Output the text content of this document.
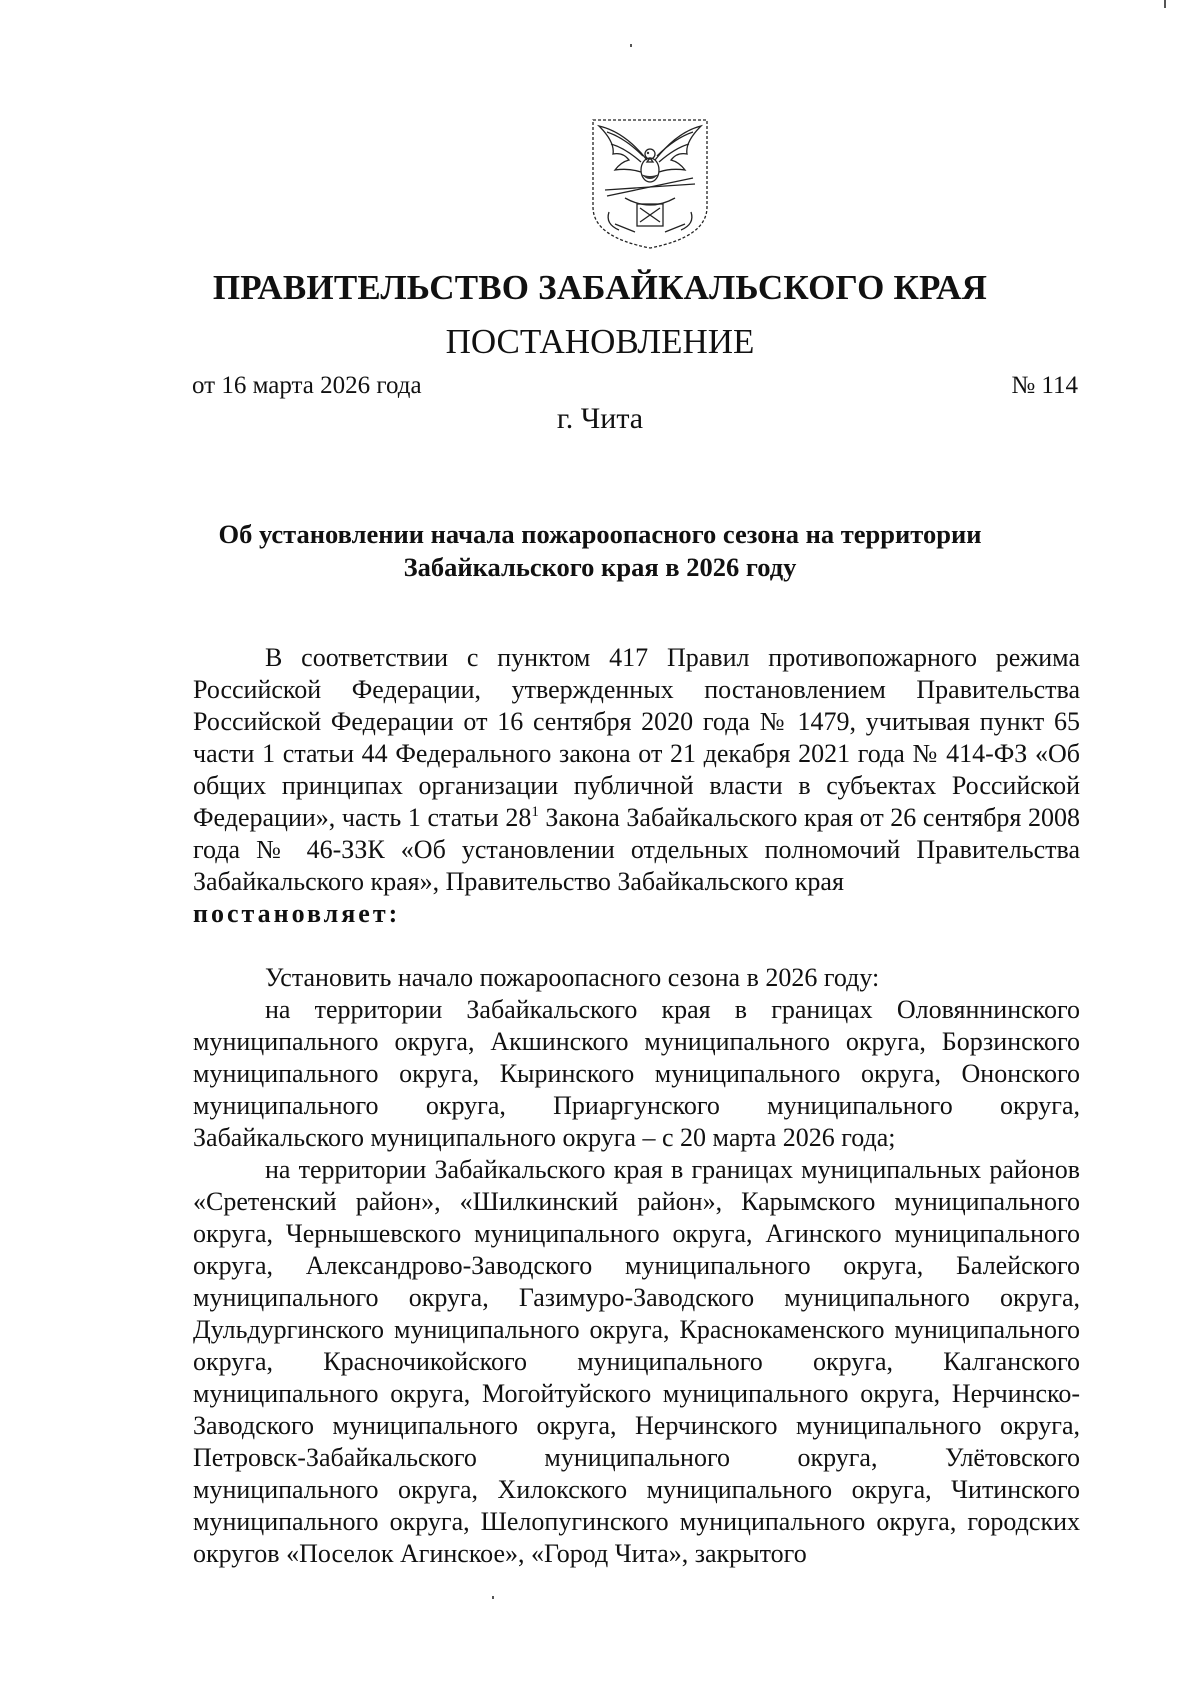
ПРАВИТЕЛЬСТВО ЗАБАЙКАЛЬСКОГО КРАЯ
ПОСТАНОВЛЕНИЕ
от 16 марта 2026 года	№ 114
г. Чита
Об установлении начала пожароопасного сезона на территории
Забайкальского края в 2026 году

В соответствии с пунктом 417 Правил противопожарного режима Российской Федерации, утвержденных постановлением Правительства Российской Федерации от 16 сентября 2020 года № 1479, учитывая пункт 65 части 1 статьи 44 Федерального закона от 21 декабря 2021 года № 414-ФЗ «Об общих принципах организации публичной власти в субъектах Российской Федерации», часть 1 статьи $28^1$ Закона Забайкальского края от 26 сентября 2008 года № 46-ЗЗК «Об установлении отдельных полномочий Правительства Забайкальского края», Правительство Забайкальского края

постановляет:

Установить начало пожароопасного сезона в 2026 году:

на территории Забайкальского края в границах Оловяннинского муниципального округа, Акшинского муниципального округа, Борзинского муниципального округа, Кыринского муниципального округа, Ононского муниципального округа, Приаргунского муниципального округа, Забайкальского муниципального округа – с 20 марта 2026 года;

на территории Забайкальского края в границах муниципальных районов «Сретенский район», «Шилкинский район», Карымского муниципального округа, Чернышевского муниципального округа, Агинского муниципального округа, Александрово-Заводского муниципального округа, Балейского муниципального округа, Газимуро-Заводского муниципального округа, Дульдургинского муниципального округа, Краснокаменского муниципального округа, Красночикойского муниципального округа, Калганского муниципального округа, Могойтуйского муниципального округа, Нерчинско-Заводского муниципального округа, Нерчинского муниципального округа, Петровск-Забайкальского муниципального округа, Улётовского муниципального округа, Хилокского муниципального округа, Читинского муниципального округа, Шелопугинского муниципального округа, городских округов «Поселок Агинское», «Город Чита», закрытого
